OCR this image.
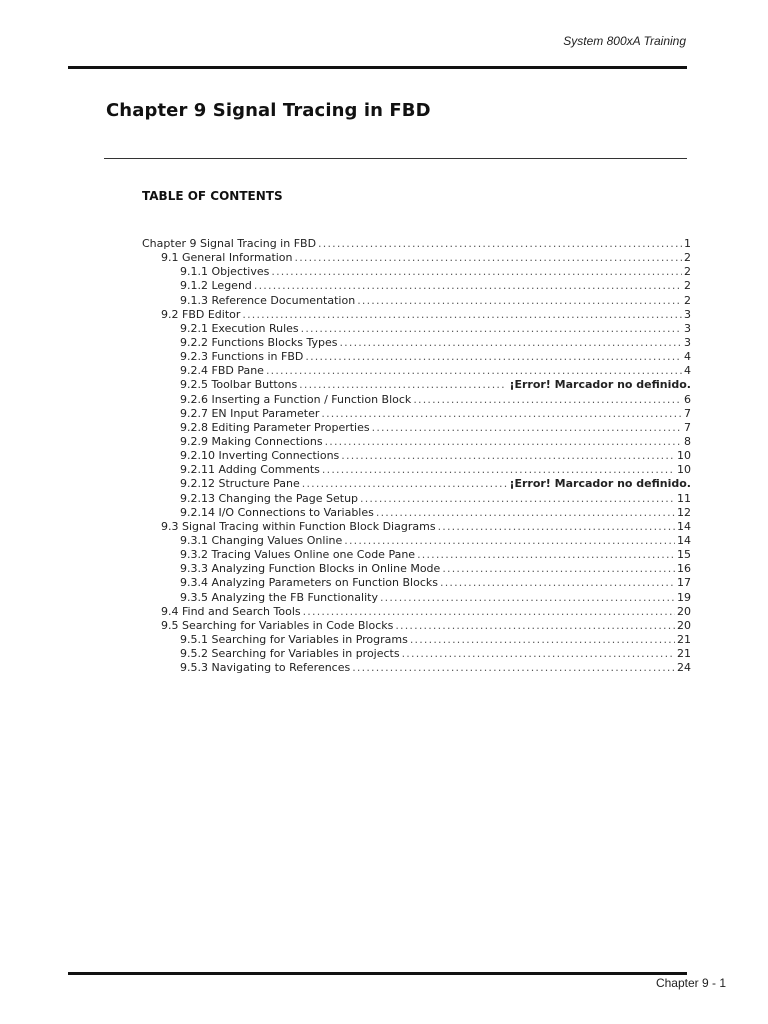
System 800xA Training
Chapter 9 Signal Tracing in FBD
TABLE OF CONTENTS
Chapter 9 Signal Tracing in FBD .....	1
9.1 General Information .....	2
9.1.1 Objectives .....	2
9.1.2 Legend .....	2
9.1.3 Reference Documentation .....	2
9.2 FBD Editor .....	3
9.2.1 Execution Rules .....	3
9.2.2 Functions Blocks Types .....	3
9.2.3 Functions in FBD .....	4
9.2.4 FBD Pane .....	4
9.2.5 Toolbar Buttons .....	¡Error! Marcador no definido.
9.2.6 Inserting a Function / Function Block .....	6
9.2.7 EN Input Parameter .....	7
9.2.8 Editing Parameter Properties .....	7
9.2.9 Making Connections .....	8
9.2.10 Inverting Connections .....	10
9.2.11 Adding Comments .....	10
9.2.12 Structure Pane .....	¡Error! Marcador no definido.
9.2.13 Changing the Page Setup .....	11
9.2.14 I/O Connections to Variables .....	12
9.3 Signal Tracing within Function Block Diagrams .....	14
9.3.1 Changing Values Online .....	14
9.3.2 Tracing Values Online one Code Pane .....	15
9.3.3 Analyzing Function Blocks in Online Mode .....	16
9.3.4 Analyzing Parameters on Function Blocks .....	17
9.3.5 Analyzing the FB Functionality .....	19
9.4 Find and Search Tools .....	20
9.5 Searching for Variables in Code Blocks .....	20
9.5.1 Searching for Variables in Programs .....	21
9.5.2 Searching for Variables in projects .....	21
9.5.3 Navigating to References .....	24
Chapter 9 - 1
